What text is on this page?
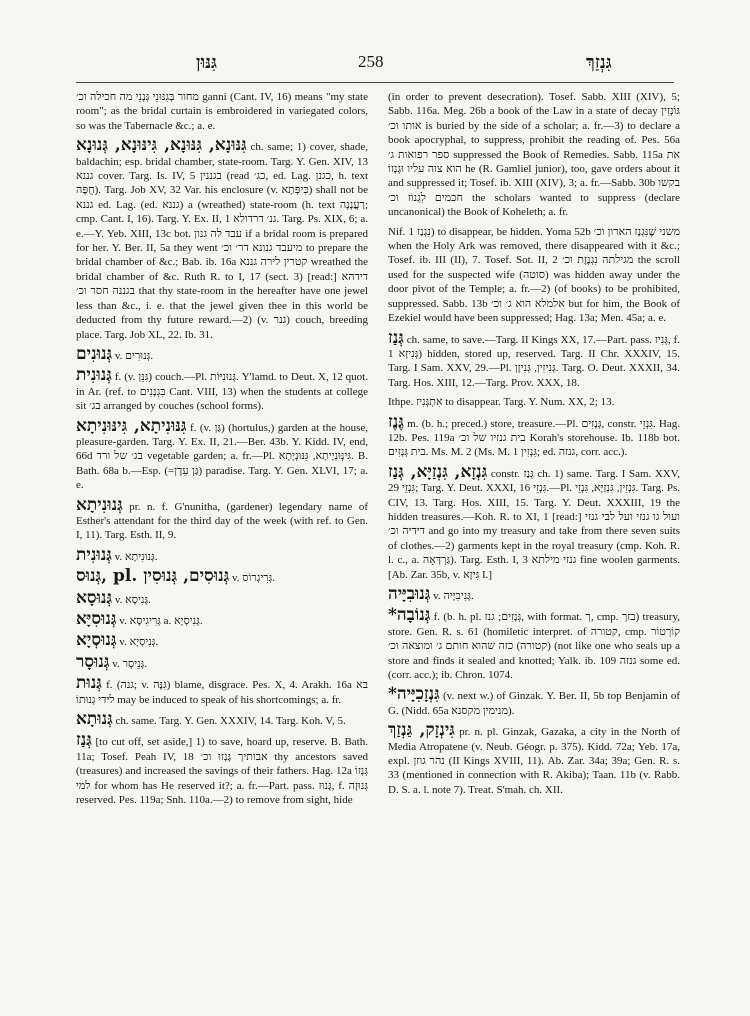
גִּנּוּן	258	גִּנְזַךְ

מחור בְּגִנּוּנֵי גְּנָנֵי מה חכילה וכ׳ ganni (Cant. IV, 16) means "my state room"; as the bridal curtain is embroidered in variegated colors, so was the Tabernacle &c.; a. e.

גִּנּוּנָא, גִּנּוּנָא, גִּינּוּנָא, גְּנוּנָא ch. same; 1) cover, shade, baldachin; esp. bridal chamber, state-room. Targ. Y. Gen. XIV, 13 גננא cover. Targ. Is. IV, 5 בגננין (read כג׳, ed. Lag. כגנן, h. text חֻפָּה). Targ. Job XV, 32 Var. his enclosure (v. כִּיפְּתָא) shall not be גננא ed. Lag. (ed. גננא) a (wreathed) state-room (h. text רַעֲנָנָה; cmp. Cant. I, 16). Targ. Y. Ex. II, 1 גנ׳ דרדולא. Targ. Ps. XIX, 6; a. e.—Y. Yeb. XIII, 13c bot. עבד לה גנון if a bridal room is prepared for her. Y. Ber. II, 5a they went מיעבד גנונא דר׳ וכ׳ to prepare the bridal chamber of &c.; Bab. ib. 16a קטרין לירה גננא wreathed the bridal chamber of &c. Ruth R. to I, 17 (sect. 3) [read:] דידהא בגננה חסר וכ׳ that thy state-room in the hereafter have one jewel less than &c., i. e. that the jewel given thee in this world be deducted from thy future reward.—2) (v. גנר) couch, breeding place. Targ. Job XL, 22. Ib. 31.

גְּנוּנִים v. גְּנוּרִים.

גְּנוּנִית f. (v. גִּנֵּן) couch.—Pl. גְּנוּנִיּוֹת. Y'lamd. to Deut. X, 12 quot. in Ar. (ref. to בִּגְנָנִים Cant. VIII, 13) when the students at college sit בג׳ arranged by couches (school forms).

גִּנּוּנִיתָא, גִּינּוּנִיתָא f. (v. גַּן) (hortulus,) garden at the house, pleasure-garden. Targ. Y. Ex. II, 21.—Ber. 43b. Y. Kidd. IV, end, 66d בג׳ של ורד vegetable garden; a. fr.—Pl. גִּינְּוּנְיָיתָא, גִּנּוּנְיָתָא. B. Bath. 68a b.—Esp. (=גַּן עֵדֶן) paradise. Targ. Y. Gen. XLVI, 17; a. e.

גְּנוּנִיתָא pr. n. f. G'nunitha, (gardener) legendary name of Esther's attendant for the third day of the week (with ref. to Gen. I, 11). Targ. Esth. II, 9.

גְּנוּנִית v. גְּנוּנִיתָא.

גְּנוּס, pl. גְּנוּסִים, גְּנוּסִין v. גְּרִיגְרוֹס.

גְּנוּסָא v. גְּנִיסָא.

גְּנוּסִיָּא v. גְּרִיגִיסָא a. גְּנִיסְיָא.

גְּנוּסְיָא v. גְּנִיסְיָא.

גְּנוּסָר v. גְּנֵיסָר.

גְּנוּת f. (גנה; v. גִּנָּה) blame, disgrace. Pes. X, 4. Arakh. 16a בא לידי גְנוּתוֹ may be induced to speak of his shortcomings; a. fr.

גְּנוּתָא ch. same. Targ. Y. Gen. XXXIV, 14. Targ. Koh. V, 5.

גְּנַז [to cut off, set aside,] 1) to save, hoard up, reserve. B. Bath. 11a; Tosef. Peah IV, 18 אבותיך גָּנְזוּ וכ׳ thy ancestors saved (treasures) and increased the savings of their fathers. Hag. 12a גְּנָזוֹ למי for whom has He reserved it?; a. fr.—Part. pass. גָּנוּז, f. גְּנוּזָה reserved. Pes. 119a; Snh. 110a.—2) to remove from sight, hide

(in order to prevent desecration). Tosef. Sabb. XIII (XIV), 5; Sabb. 116a. Meg. 26b a book of the Law in a state of decay גּוֹנְזִין אותו וכ׳ is buried by the side of a scholar; a. fr.—3) to declare a book apocryphal, to suppress, prohibit the reading of. Pes. 56a ספר רפואות ג׳ suppressed the Book of Remedies. Sabb. 115a את הוא צוה עליו וּגְנָזוֹ he (R. Gamliel junior), too, gave orders about it and suppressed it; Tosef. ib. XIII (XIV), 3; a. fr.—Sabb. 30b בקשו חכמים לִגְנוֹז וכ׳ the scholars wanted to suppress (declare uncanonical) the Book of Koheleth; a. fr.

Nif. נִגְנַז 1) to disappear, be hidden. Yoma 52b משני שֶׁנִּגְנַז הארון וכ׳ when the Holy Ark was removed, there disappeared with it &c.; Tosef. ib. III (II), 7. Tosef. Sot. II, 2 מגילתה נִגְנֶזֶת וכ׳ the scroll used for the suspected wife (סוטה) was hidden away under the door pivot of the Temple; a. fr.—2) (of books) to be prohibited, suppressed. Sabb. 13b אלמלא הוא ג׳ וכ׳ but for him, the Book of Ezekiel would have been suppressed; Hag. 13a; Men. 45a; a. e.

גְּנַז ch. same, to save.—Targ. II Kings XX, 17.—Part. pass. גְּנִיז, f. גְּנִיזָא 1) hidden, stored up, reserved. Targ. II Chr. XXXIV, 15. Targ. I Sam. XXV, 29.—Pl. גְּנִיזִין, גְּנִיזָן. Targ. O. Deut. XXXII, 34. Targ. Hos. XIII, 12.—Targ. Prov. XXX, 18.

Ithpe. אִתְגְּנִיז to disappear. Targ. Y. Num. XX, 2; 13.

גֶּנֶז m. (b. h.; preced.) store, treasure.—Pl. גְּנָזִים, constr. גִּנְזֵי. Hag. 12b. Pes. 119a בית גנזיו של וכ׳ Korah's storehouse. Ib. 118b bot. בית גְּנָזִים. Ms. M. 2 (Ms. M. 1 גִּנְזִין; ed. גנזה, corr. acc.).

גִּנְזָא, גִּנְזַיָּא, גְּנַז constr. גְּנַז ch. 1) same. Targ. I Sam. XXV, 29 גִּנְזֵי; Targ. Y. Deut. XXXI, 16 גִּנְזֵי.—Pl. גִּנְזִין, גִּנְזַיָּא, גִּנְזֵי. Targ. Ps. CIV, 13. Targ. Hos. XIII, 15. Targ. Y. Deut. XXXIII, 19 the hidden treasures.—Koh. R. to XI, 1 [read:] ועול גו גנזי ועל לבי גנזי דידיה וכ׳ and go into my treasury and take from there seven suits of clothes.—2) garments kept in the royal treasury (cmp. Koh. R. l. c., a. גַּרְדְּאָה). Targ. Esth. I, 3 גנזי מילתא fine woolen garments. [Ab. Zar. 35b, v. גִּיזָא I.]

גְּנוּבִיָּיה v. גְּנִיבִיָּיה.

*גְּנוֹבָה f. (b. h. pl. גְּנָזִים; גנז, with format. ך, cmp. בזך) treasury, store. Gen. R. s. 61 (homiletic interpret. of קטורה, cmp. קוֹרְטוֹר (קטורה) כזה שהוא חותם ג׳ ומוצאה וכ׳ (not like one who seals up a store and finds it sealed and knotted; Yalk. ib. 109 גנזה some ed. (corr. acc.); ib. Chron. 1074.

*גִּנְזָכִיָּיה (v. next w.) of Ginzak. Y. Ber. II, 5b top Benjamin of G. (Nidd. 65a מנימין מקסנא).

גִּינְזָק, גַּנְזַךְ pr. n. pl. Ginzak, Gazaka, a city in the North of Media Atropatene (v. Neub. Géogr. p. 375). Kidd. 72a; Yeb. 17a, expl. נהר גוזן (II Kings XVIII, 11). Ab. Zar. 34a; 39a; Gen. R. s. 33 (mentioned in connection with R. Akiba); Taan. 11b (v. Rabb. D. S. a. l. note 7). Treat. S'mah. ch. XII.
